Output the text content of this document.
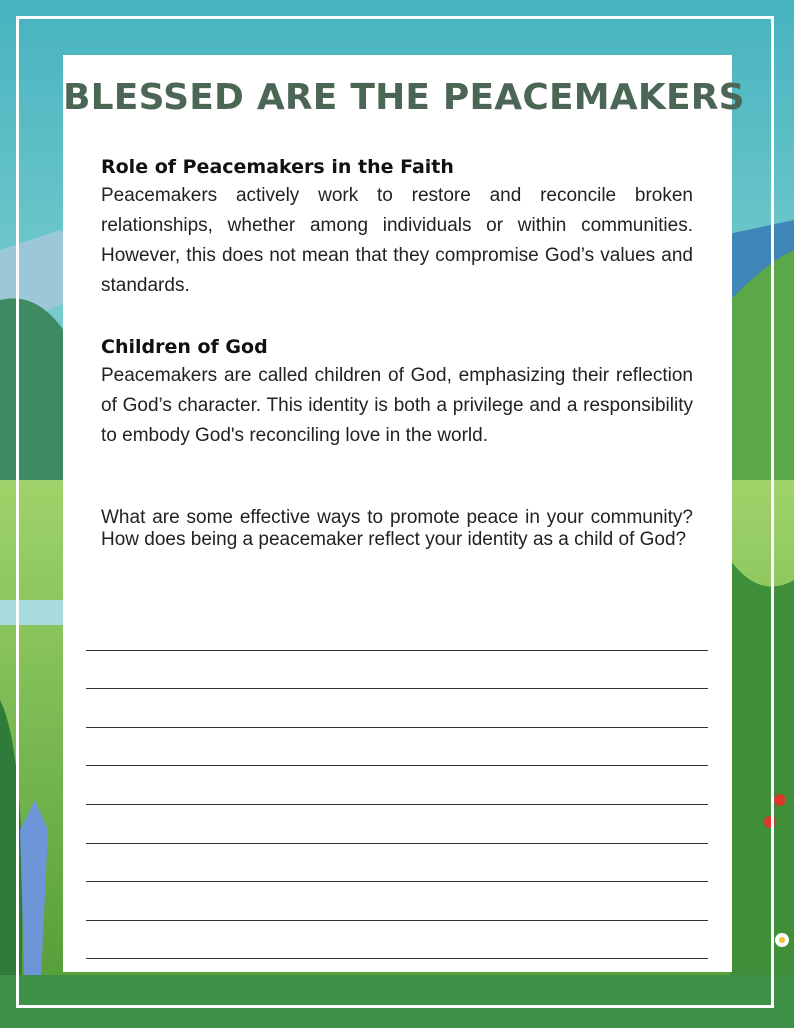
BLESSED ARE THE PEACEMAKERS
Role of Peacemakers in the Faith

Peacemakers actively work to restore and reconcile broken relationships, whether among individuals or within communities. However, this does not mean that they compromise God’s values and standards.

Children of God

Peacemakers are called children of God, emphasizing their reflection of God’s character. This identity is both a privilege and a responsibility to embody God's reconciling love in the world.

What are some effective ways to promote peace in your community? How does being a peacemaker reflect your identity as a child of God?
